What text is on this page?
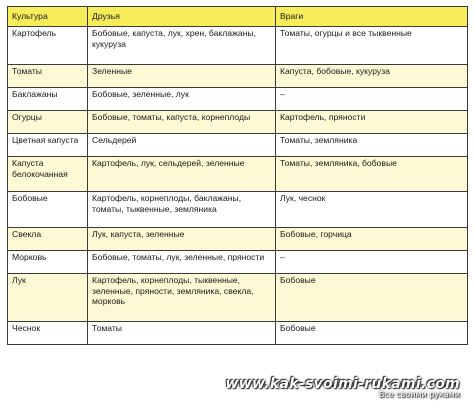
Культура	Друзья	Враги
Картофель	Бобовые, капуста, лук, хрен, баклажаны, кукуруза	Томаты, огурцы и все тыквенные
Томаты	Зеленные	Капуста, бобовые, кукуруза
Баклажаны	Бобовые, зеленные, лук	–
Огурцы	Бобовые, томаты, капуста, корнеплоды	Картофель, пряности
Цветная капуста	Сельдерей	Томаты, земляника
Капуста белокочанная	Картофель, лук, сельдерей, зеленные	Томаты, земляника, бобовые
Бобовые	Картофель, корнеплоды, баклажаны, томаты, тыквенные, земляника	Лук, чеснок
Свекла	Лук, капуста, зеленные	Бобовые, горчица
Морковь	Бобовые, томаты, лук, зеленные, пряности	–
Лук	Картофель, корнеплоды, тыквенные, зеленные, пряности, земляника, свекла, морковь	Бобовые
Чеснок	Томаты	Бобовые
www.kak-svoimi-rukami.com
Все своими руками
